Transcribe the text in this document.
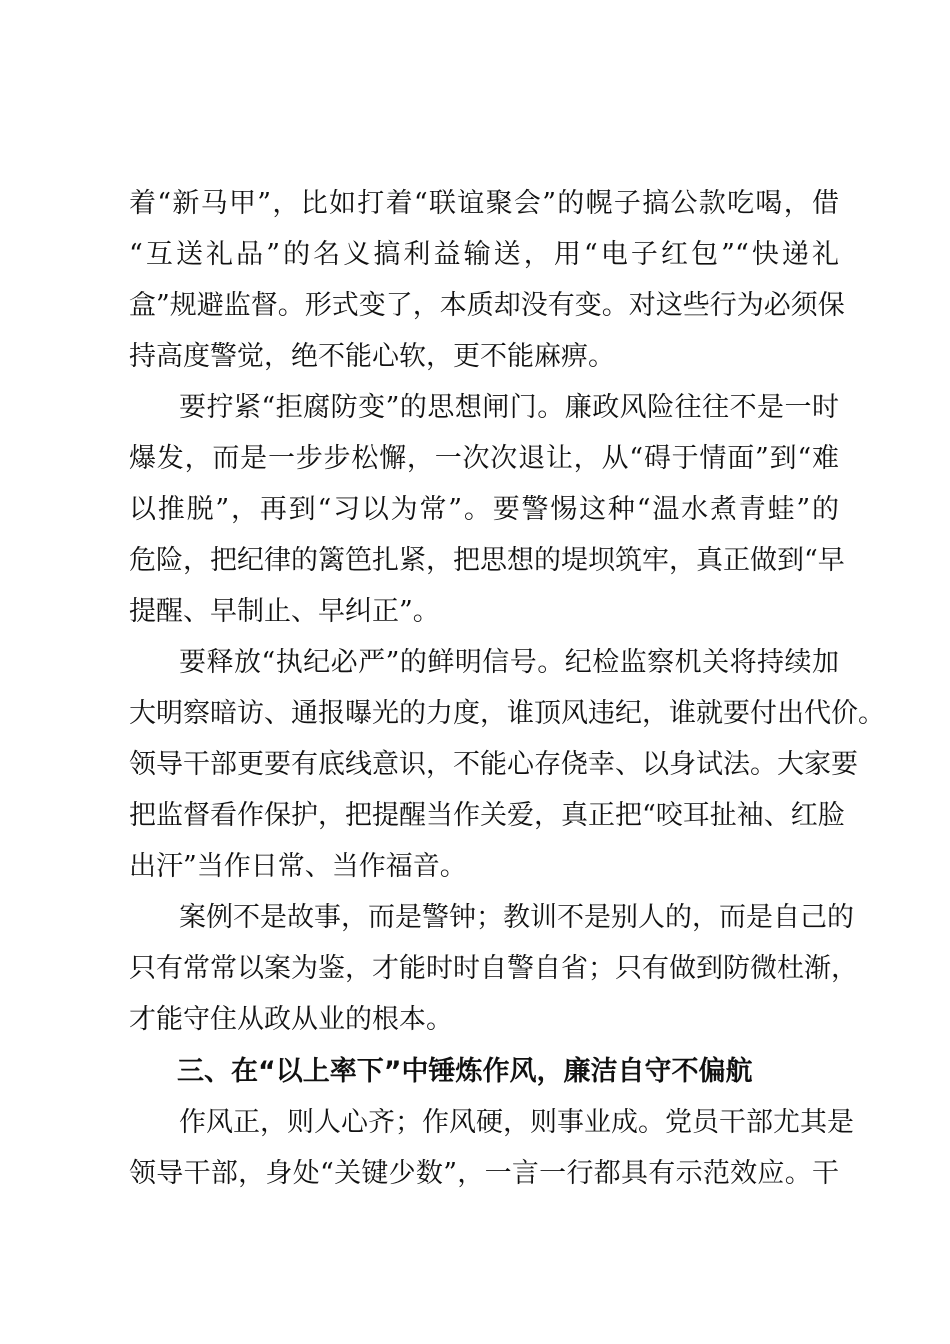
着“新马甲”，比如打着“联谊聚会”的幌子搞公款吃喝，借
“互送礼品”的名义搞利益输送，用“电子红包”“快递礼
盒”规避监督。形式变了，本质却没有变。对这些行为必须保
持高度警觉，绝不能心软，更不能麻痹。
要拧紧“拒腐防变”的思想闸门。廉政风险往往不是一时
爆发，而是一步步松懈，一次次退让，从“碍于情面”到“难
以推脱”，再到“习以为常”。要警惕这种“温水煮青蛙”的
危险，把纪律的篱笆扎紧，把思想的堤坝筑牢，真正做到“早
提醒、早制止、早纠正”。
要释放“执纪必严”的鲜明信号。纪检监察机关将持续加
大明察暗访、通报曝光的力度，谁顶风违纪，谁就要付出代价。
领导干部更要有底线意识，不能心存侥幸、以身试法。大家要
把监督看作保护，把提醒当作关爱，真正把“咬耳扯袖、红脸
出汗”当作日常、当作福音。
案例不是故事，而是警钟；教训不是别人的，而是自己的
只有常常以案为鉴，才能时时自警自省；只有做到防微杜渐，
才能守住从政从业的根本。
三、在“以上率下”中锤炼作风，廉洁自守不偏航
作风正，则人心齐；作风硬，则事业成。党员干部尤其是
领导干部，身处“关键少数”，一言一行都具有示范效应。干
